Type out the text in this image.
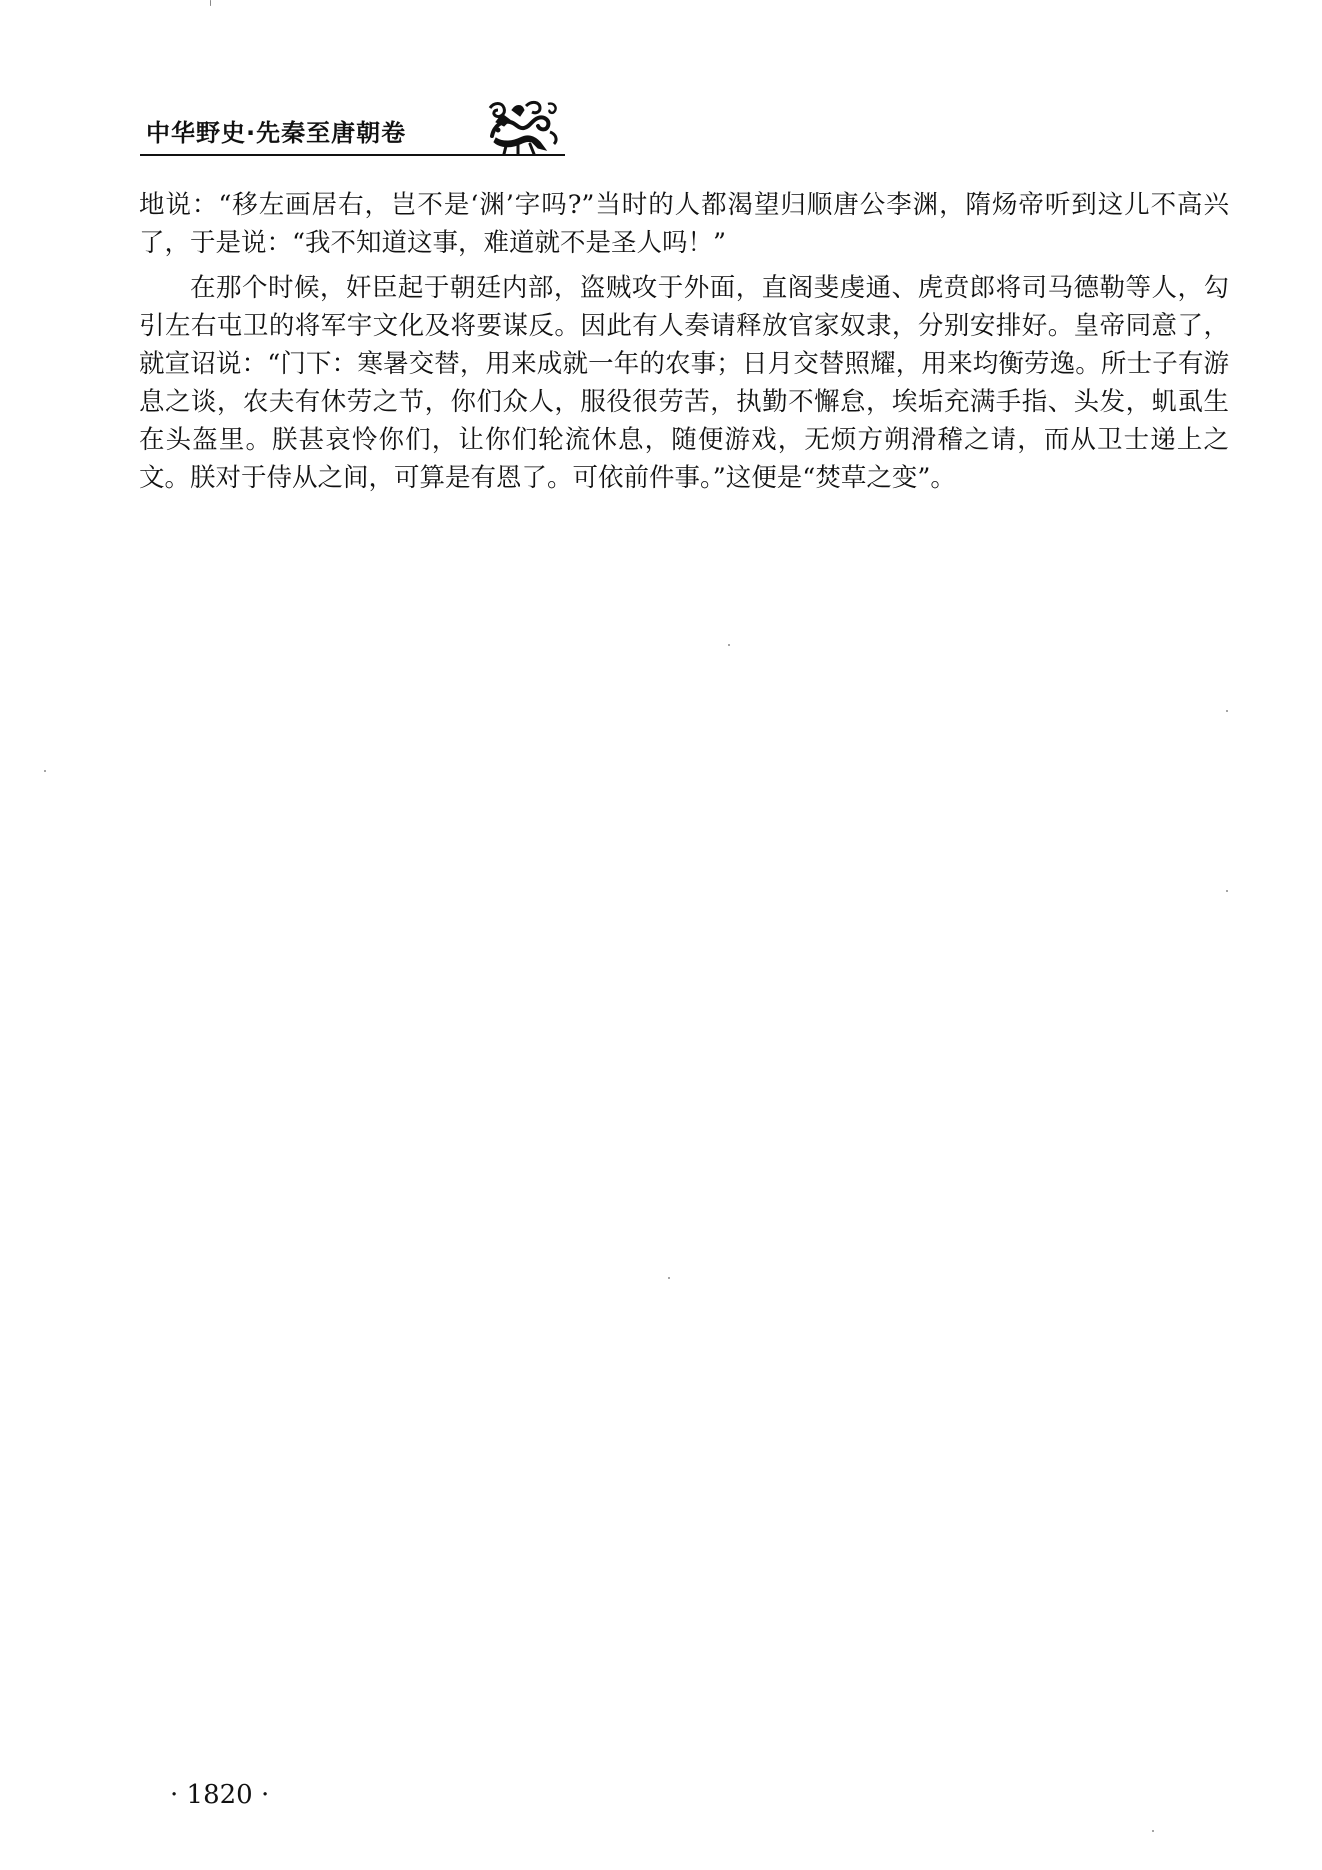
中华野史·先秦至唐朝卷

地说：“移左画居右，岂不是‘渊’字吗?”当时的人都渴望归顺唐公李渊，隋炀帝听到这儿不高兴了，于是说：“我不知道这事，难道就不是圣人吗！”

在那个时候，奸臣起于朝廷内部，盗贼攻于外面，直阁斐虔通、虎贲郎将司马德勒等人，勾引左右屯卫的将军宇文化及将要谋反。因此有人奏请释放官家奴隶，分别安排好。皇帝同意了，就宣诏说：“门下：寒暑交替，用来成就一年的农事；日月交替照耀，用来均衡劳逸。所士子有游息之谈，农夫有休劳之节，你们众人，服役很劳苦，执勤不懈怠，埃垢充满手指、头发，虮虱生在头盔里。朕甚哀怜你们，让你们轮流休息，随便游戏，无烦方朔滑稽之请，而从卫士递上之文。朕对于侍从之间，可算是有恩了。可依前件事。”这便是“焚草之变”。

· 1820 ·
